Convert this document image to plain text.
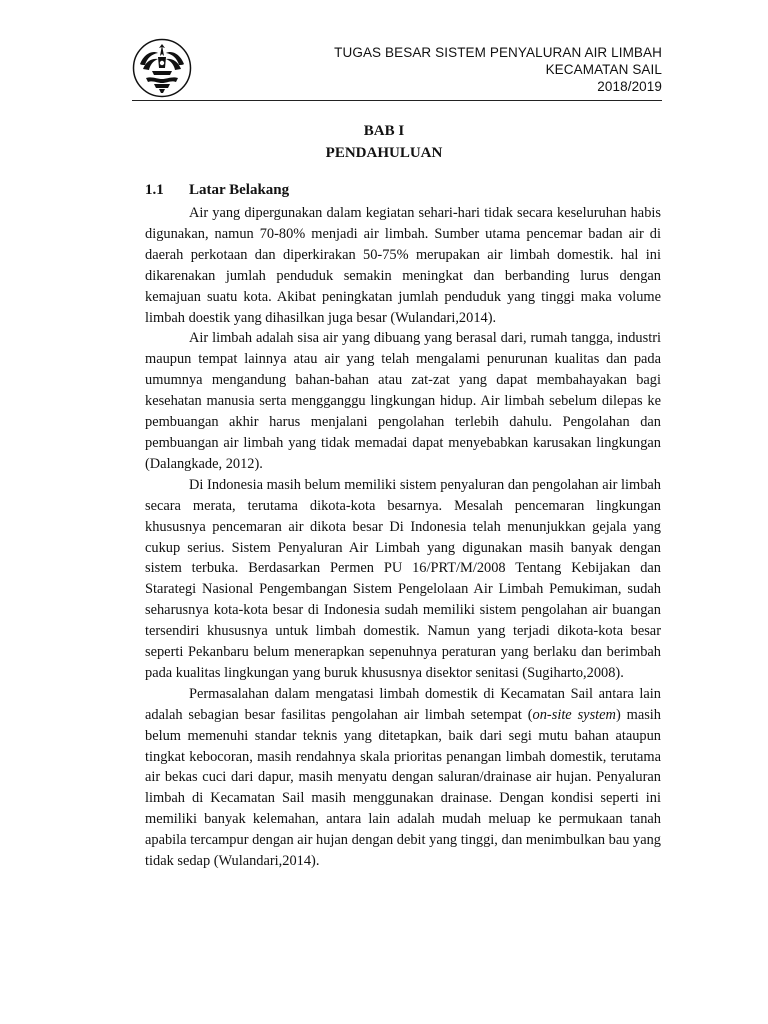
TUGAS BESAR SISTEM PENYALURAN AIR LIMBAH
KECAMATAN SAIL
2018/2019
BAB I
PENDAHULUAN
1.1 Latar Belakang

Air yang dipergunakan dalam kegiatan sehari-hari tidak secara keseluruhan habis digunakan, namun 70-80% menjadi air limbah. Sumber utama pencemar badan air di daerah perkotaan dan diperkirakan 50-75% merupakan air limbah domestik. hal ini dikarenakan jumlah penduduk semakin meningkat dan berbanding lurus dengan kemajuan suatu kota. Akibat peningkatan jumlah penduduk yang tinggi maka volume limbah doestik yang dihasilkan juga besar (Wulandari,2014).

Air limbah adalah sisa air yang dibuang yang berasal dari, rumah tangga, industri maupun tempat lainnya atau air yang telah mengalami penurunan kualitas dan pada umumnya mengandung bahan-bahan atau zat-zat yang dapat membahayakan bagi kesehatan manusia serta mengganggu lingkungan hidup. Air limbah sebelum dilepas ke pembuangan akhir harus menjalani pengolahan terlebih dahulu. Pengolahan dan pembuangan air limbah yang tidak memadai dapat menyebabkan karusakan lingkungan (Dalangkade, 2012).

Di Indonesia masih belum memiliki sistem penyaluran dan pengolahan air limbah secara merata, terutama dikota-kota besarnya. Mesalah pencemaran lingkungan khususnya pencemaran air dikota besar Di Indonesia telah menunjukkan gejala yang cukup serius. Sistem Penyaluran Air Limbah yang digunakan masih banyak dengan sistem terbuka. Berdasarkan Permen PU 16/PRT/M/2008 Tentang Kebijakan dan Starategi Nasional Pengembangan Sistem Pengelolaan Air Limbah Pemukiman, sudah seharusnya kota-kota besar di Indonesia sudah memiliki sistem pengolahan air buangan tersendiri khususnya untuk limbah domestik. Namun yang terjadi dikota-kota besar seperti Pekanbaru belum menerapkan sepenuhnya peraturan yang berlaku dan berimbah pada kualitas lingkungan yang buruk khususnya disektor senitasi (Sugiharto,2008).

Permasalahan dalam mengatasi limbah domestik di Kecamatan Sail antara lain adalah sebagian besar fasilitas pengolahan air limbah setempat (on-site system) masih belum memenuhi standar teknis yang ditetapkan, baik dari segi mutu bahan ataupun tingkat kebocoran, masih rendahnya skala prioritas penangan limbah domestik, terutama air bekas cuci dari dapur, masih menyatu dengan saluran/drainase air hujan. Penyaluran limbah di Kecamatan Sail masih menggunakan drainase. Dengan kondisi seperti ini memiliki banyak kelemahan, antara lain adalah mudah meluap ke permukaan tanah apabila tercampur dengan air hujan dengan debit yang tinggi, dan menimbulkan bau yang tidak sedap (Wulandari,2014).
